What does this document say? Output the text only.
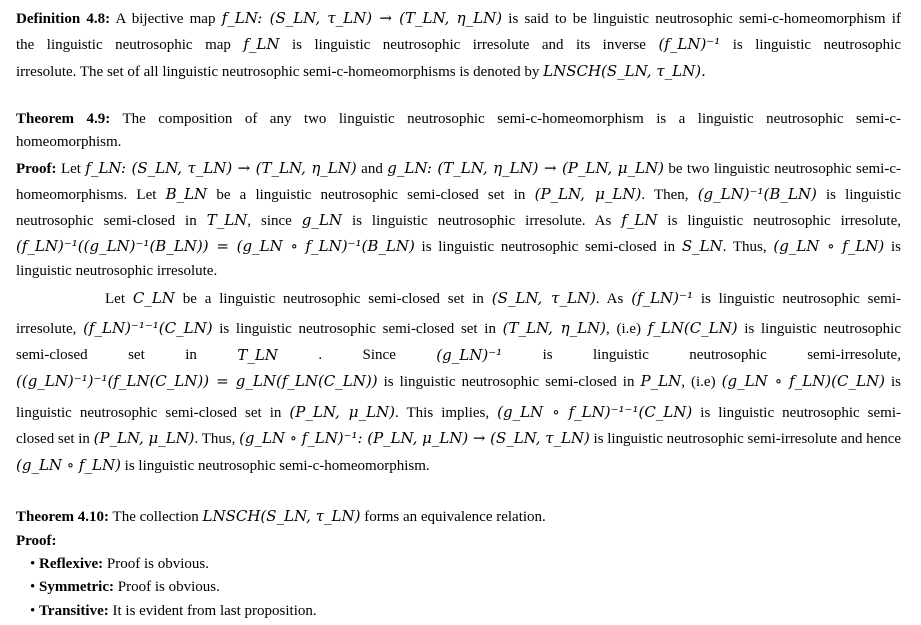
Definition 4.8: A bijective map f_LN: (S_LN, τ_LN) → (T_LN, η_LN) is said to be linguistic neutrosophic semi-c-homeomorphism if
the linguistic neutrosophic map f_LN is linguistic neutrosophic irresolute and its inverse (f_LN)⁻¹ is linguistic neutrosophic
irresolute. The set of all linguistic neutrosophic semi-c-homeomorphisms is denoted by LNSCH(S_LN, τ_LN).
Theorem 4.9: The composition of any two linguistic neutrosophic semi-c-homeomorphism is a linguistic neutrosophic semi-c-
homeomorphism.
Proof: Let f_LN: (S_LN, τ_LN) → (T_LN, η_LN) and g_LN: (T_LN, η_LN) → (P_LN, μ_LN) be two linguistic neutrosophic semi-c-
homeomorphisms. Let B_LN be a linguistic neutrosophic semi-closed set in (P_LN, μ_LN). Then, (g_LN)⁻¹(B_LN) is linguistic
neutrosophic semi-closed in T_LN, since g_LN is linguistic neutrosophic irresolute. As f_LN is linguistic neutrosophic irresolute,
(f_LN)⁻¹((g_LN)⁻¹(B_LN)) = (g_LN ∘ f_LN)⁻¹(B_LN) is linguistic neutrosophic semi-closed in S_LN. Thus, (g_LN ∘ f_LN) is
linguistic neutrosophic irresolute.
Let C_LN be a linguistic neutrosophic semi-closed set in (S_LN, τ_LN). As (f_LN)⁻¹ is linguistic neutrosophic semi-
irresolute, (f_LN)⁻¹⁻¹(C_LN) is linguistic neutrosophic semi-closed set in (T_LN, η_LN), (i.e) f_LN(C_LN) is linguistic neutrosophic
semi-closed	set	in	T_LN	.	Since	(g_LN)⁻¹	is	linguistic	neutrosophic	semi-irresolute,
((g_LN)⁻¹)⁻¹(f_LN(C_LN)) = g_LN(f_LN(C_LN)) is linguistic neutrosophic semi-closed in P_LN, (i.e) (g_LN ∘ f_LN)(C_LN) is
linguistic neutrosophic semi-closed set in (P_LN, μ_LN). This implies, (g_LN ∘ f_LN)⁻¹⁻¹(C_LN) is linguistic neutrosophic semi-
closed set in (P_LN, μ_LN). Thus, (g_LN ∘ f_LN)⁻¹: (P_LN, μ_LN) → (S_LN, τ_LN) is linguistic neutrosophic semi-irresolute and hence
(g_LN ∘ f_LN) is linguistic neutrosophic semi-c-homeomorphism.
Theorem 4.10: The collection LNSCH(S_LN, τ_LN) forms an equivalence relation.
Proof:
• Reflexive: Proof is obvious.
• Symmetric: Proof is obvious.
• Transitive: It is evident from last proposition.
